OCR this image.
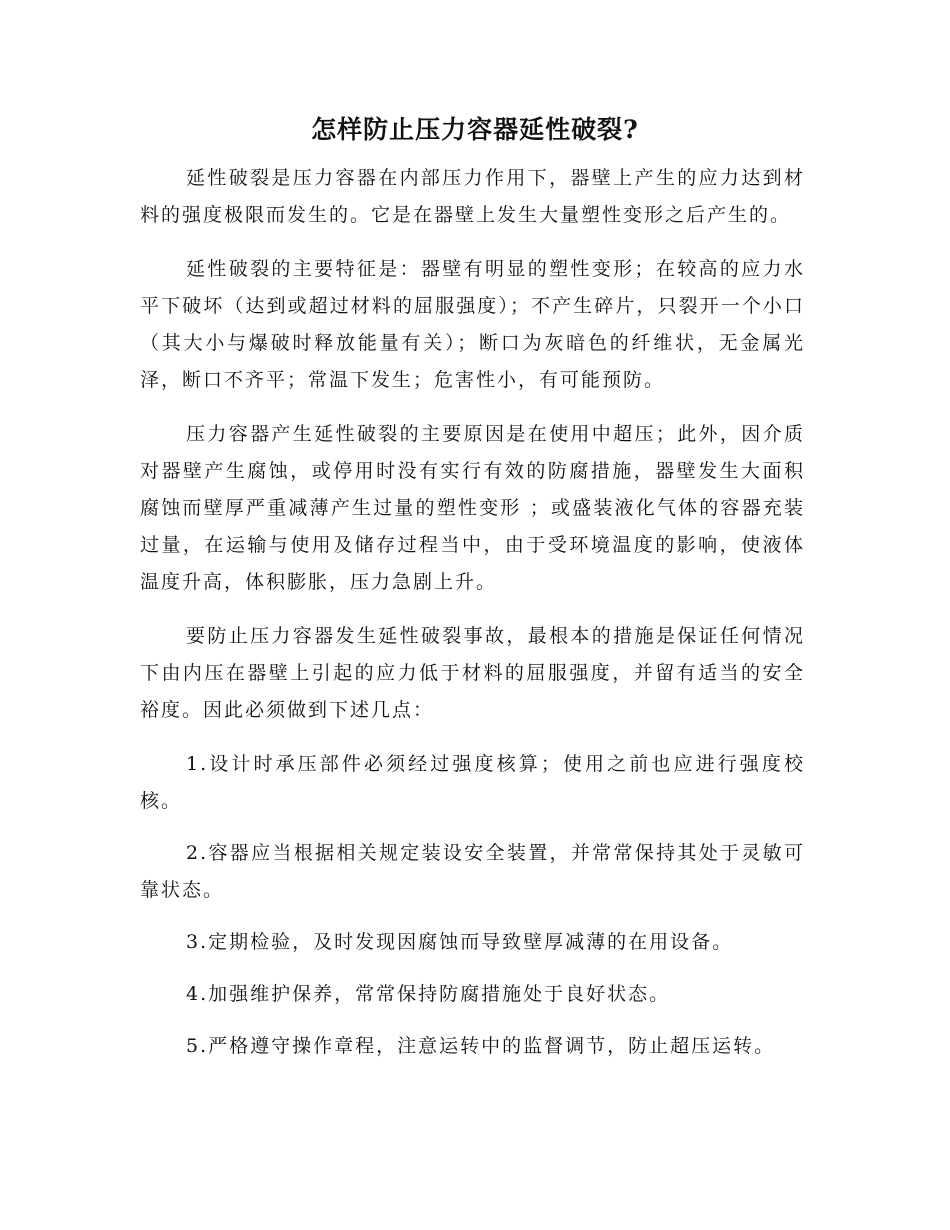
怎样防止压力容器延性破裂?

延性破裂是压力容器在内部压力作用下，器壁上产生的应力达到材料的强度极限而发生的。它是在器壁上发生大量塑性变形之后产生的。

延性破裂的主要特征是：器壁有明显的塑性变形；在较高的应力水平下破坏（达到或超过材料的屈服强度）；不产生碎片，只裂开一个小口（其大小与爆破时释放能量有关）；断口为灰暗色的纤维状，无金属光泽，断口不齐平；常温下发生；危害性小，有可能预防。

压力容器产生延性破裂的主要原因是在使用中超压；此外，因介质对器壁产生腐蚀，或停用时没有实行有效的防腐措施，器壁发生大面积腐蚀而壁厚严重减薄产生过量的塑性变形 ；或盛装液化气体的容器充装过量，在运输与使用及储存过程当中，由于受环境温度的影响，使液体温度升高，体积膨胀，压力急剧上升。

要防止压力容器发生延性破裂事故，最根本的措施是保证任何情况下由内压在器壁上引起的应力低于材料的屈服强度，并留有适当的安全裕度。因此必须做到下述几点：

1.设计时承压部件必须经过强度核算；使用之前也应进行强度校核。

2.容器应当根据相关规定装设安全装置，并常常保持其处于灵敏可靠状态。

3.定期检验，及时发现因腐蚀而导致壁厚减薄的在用设备。

4.加强维护保养，常常保持防腐措施处于良好状态。

5.严格遵守操作章程，注意运转中的监督调节，防止超压运转。
